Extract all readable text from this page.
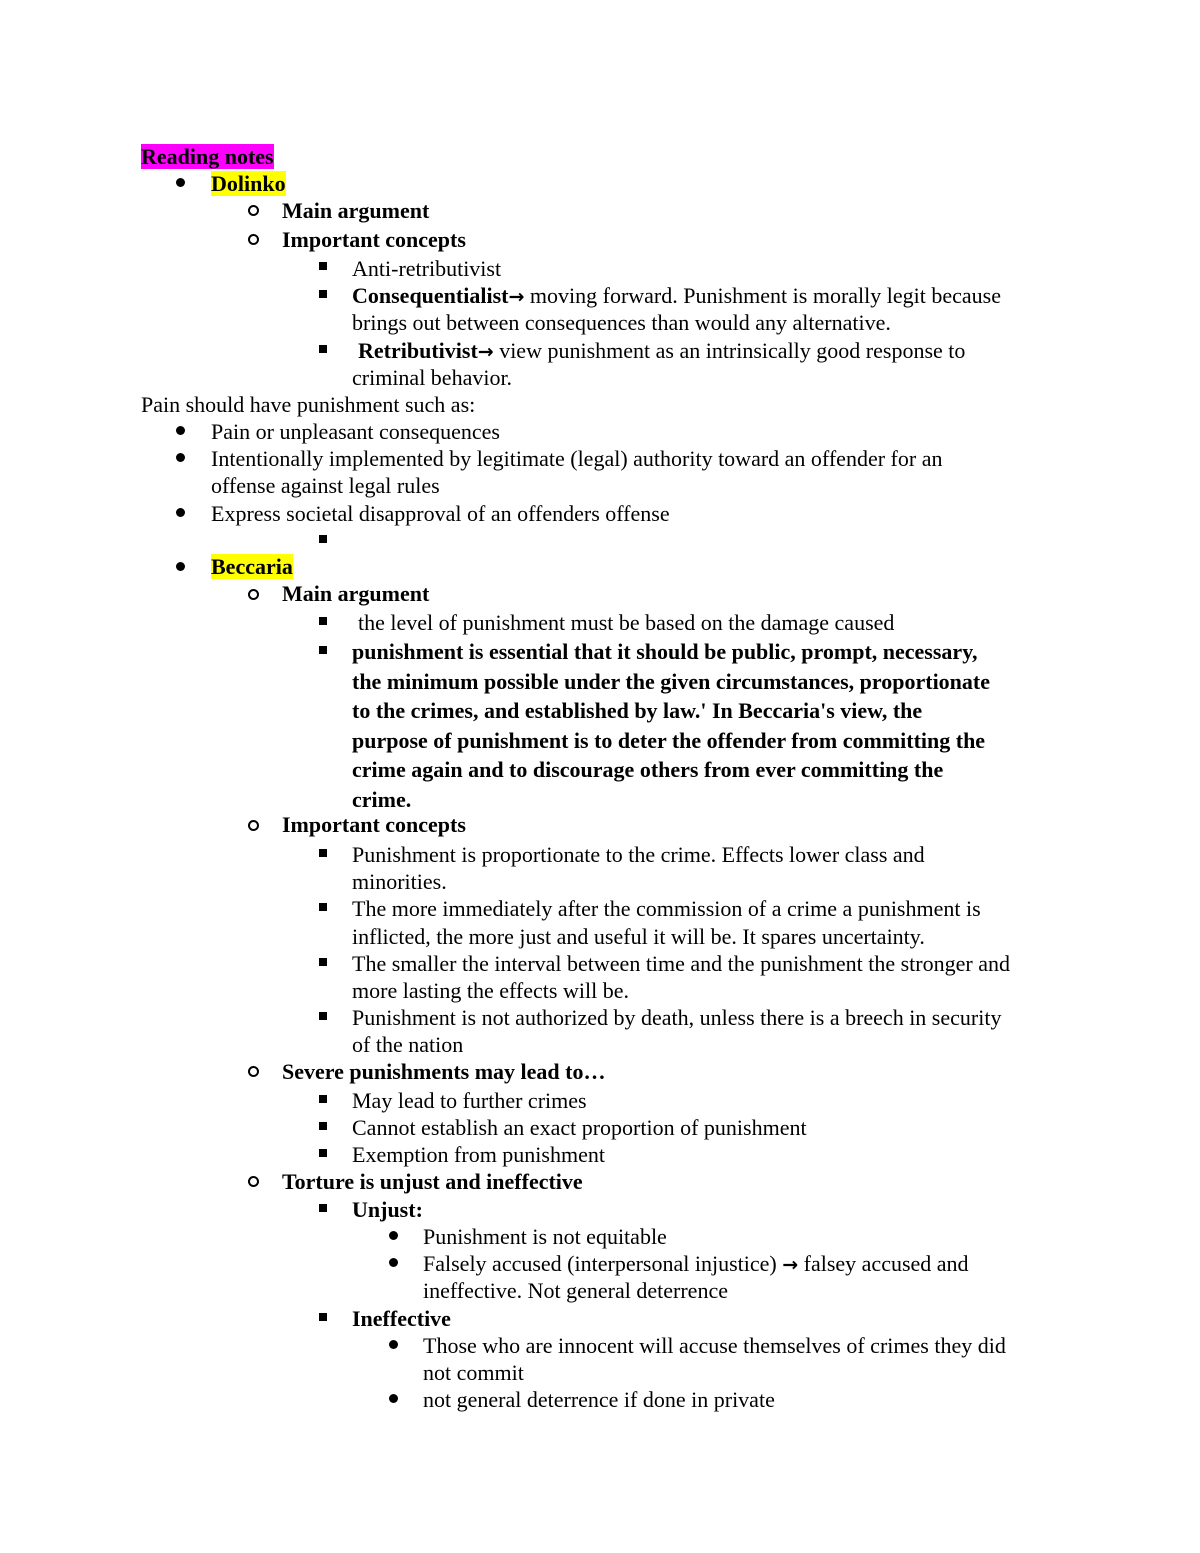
Reading notes
Dolinko
Main argument
Important concepts
Anti-retributivist
Consequentialist→ moving forward. Punishment is morally legit because
brings out between consequences than would any alternative.
Retributivist→ view punishment as an intrinsically good response to
criminal behavior.
Pain should have punishment such as:
Pain or unpleasant consequences
Intentionally implemented by legitimate (legal) authority toward an offender for an
offense against legal rules
Express societal disapproval of an offenders offense
Beccaria
Main argument
the level of punishment must be based on the damage caused
punishment is essential that it should be public, prompt, necessary,
the minimum possible under the given circumstances, proportionate
to the crimes, and established by law.' In Beccaria's view, the
purpose of punishment is to deter the offender from committing the
crime again and to discourage others from ever committing the
crime.
Important concepts
Punishment is proportionate to the crime. Effects lower class and
minorities.
The more immediately after the commission of a crime a punishment is
inflicted, the more just and useful it will be. It spares uncertainty.
The smaller the interval between time and the punishment the stronger and
more lasting the effects will be.
Punishment is not authorized by death, unless there is a breech in security
of the nation
Severe punishments may lead to…
May lead to further crimes
Cannot establish an exact proportion of punishment
Exemption from punishment
Torture is unjust and ineffective
Unjust:
Punishment is not equitable
Falsely accused (interpersonal injustice) → falsey accused and
ineffective. Not general deterrence
Ineffective
Those who are innocent will accuse themselves of crimes they did
not commit
not general deterrence if done in private
